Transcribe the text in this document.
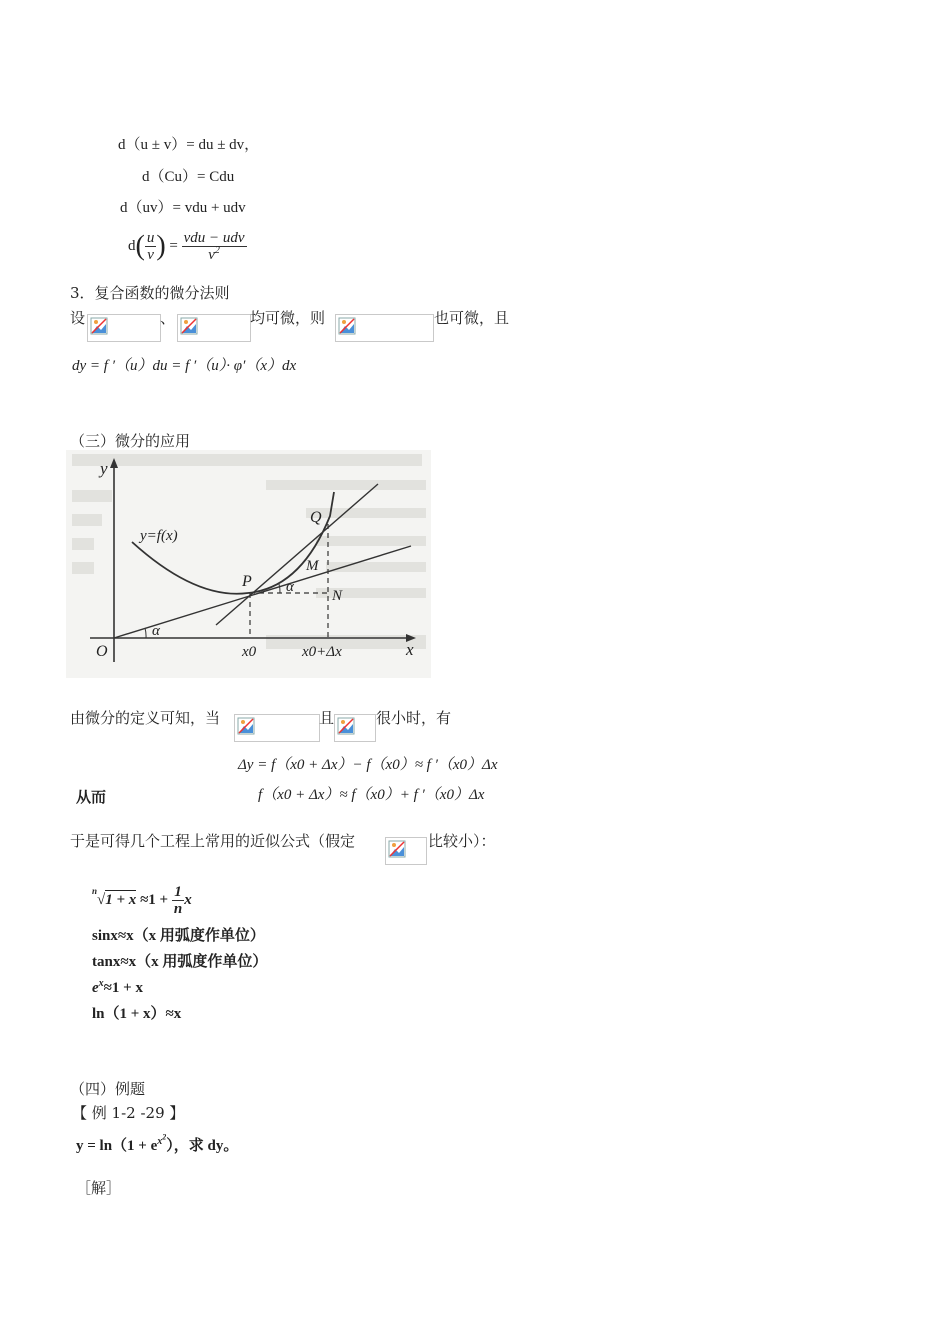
d（u ± v）= du ± dv，
d（Cu）= Cdu
d（uv）= vdu + udv
$d( \frac{u}{v}$ ) = $\frac{\text{vdu − udv}}{v^2}$
3．复合函数的微分法则
设	、	均可微，则	也可微，且
dy = f ′（u）du = f ′（u）· φ′（x）dx
（三）微分的应用
y
x
O
y=f(x)
P
Q
M
N
α
α
x0	x0+Δx
由微分的定义可知，当	且	很小时，有
Δy = f（x0 + Δx）− f（x0）≈ f ′（x0）Δx
从而	f（x0 + Δx）≈ f（x0）+ f ′（x0）Δx
于是可得几个工程上常用的近似公式（假定	比较小）：
$^n√1 + x \approx 1 + \frac{1}{n}$ x
sinx≈x（x 用弧度作单位）
tanx≈x（x 用弧度作单位）
$e^x\approx 1 + x$
ln（1 + x）≈x
（四）例题
【 例 1-2 -29 】
$y = \ln(1 + e^{x^2})$，求 dy。
［解］
